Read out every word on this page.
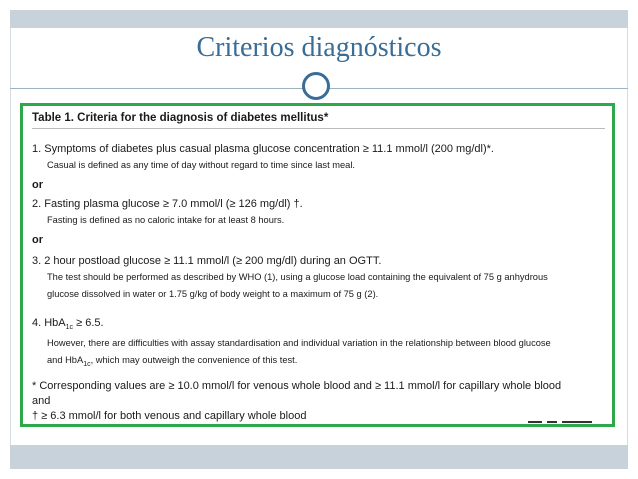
Criterios diagnósticos
Table 1. Criteria for the diagnosis of diabetes mellitus*
1. Symptoms of diabetes plus casual plasma glucose concentration ≥ 11.1 mmol/l (200 mg/dl)*.
Casual is defined as any time of day without regard to time since last meal.
or
2. Fasting plasma glucose ≥ 7.0 mmol/l (≥ 126 mg/dl) †.
Fasting is defined as no caloric intake for at least 8 hours.
or
3. 2 hour postload glucose ≥ 11.1 mmol/l (≥ 200 mg/dl) during an OGTT.
The test should be performed as described by WHO (1), using a glucose load containing the equivalent of 75 g anhydrous
glucose dissolved in water or 1.75 g/kg of body weight to a maximum of 75 g (2).
4. HbA$_{1c}$ ≥ 6.5.
However, there are difficulties with assay standardisation and individual variation in the relationship between blood glucose
and HbA$_{1c}$, which may outweigh the convenience of this test.
* Corresponding values are ≥ 10.0 mmol/l for venous whole blood and ≥ 11.1 mmol/l for capillary whole blood
and
† ≥ 6.3 mmol/l for both venous and capillary whole blood
